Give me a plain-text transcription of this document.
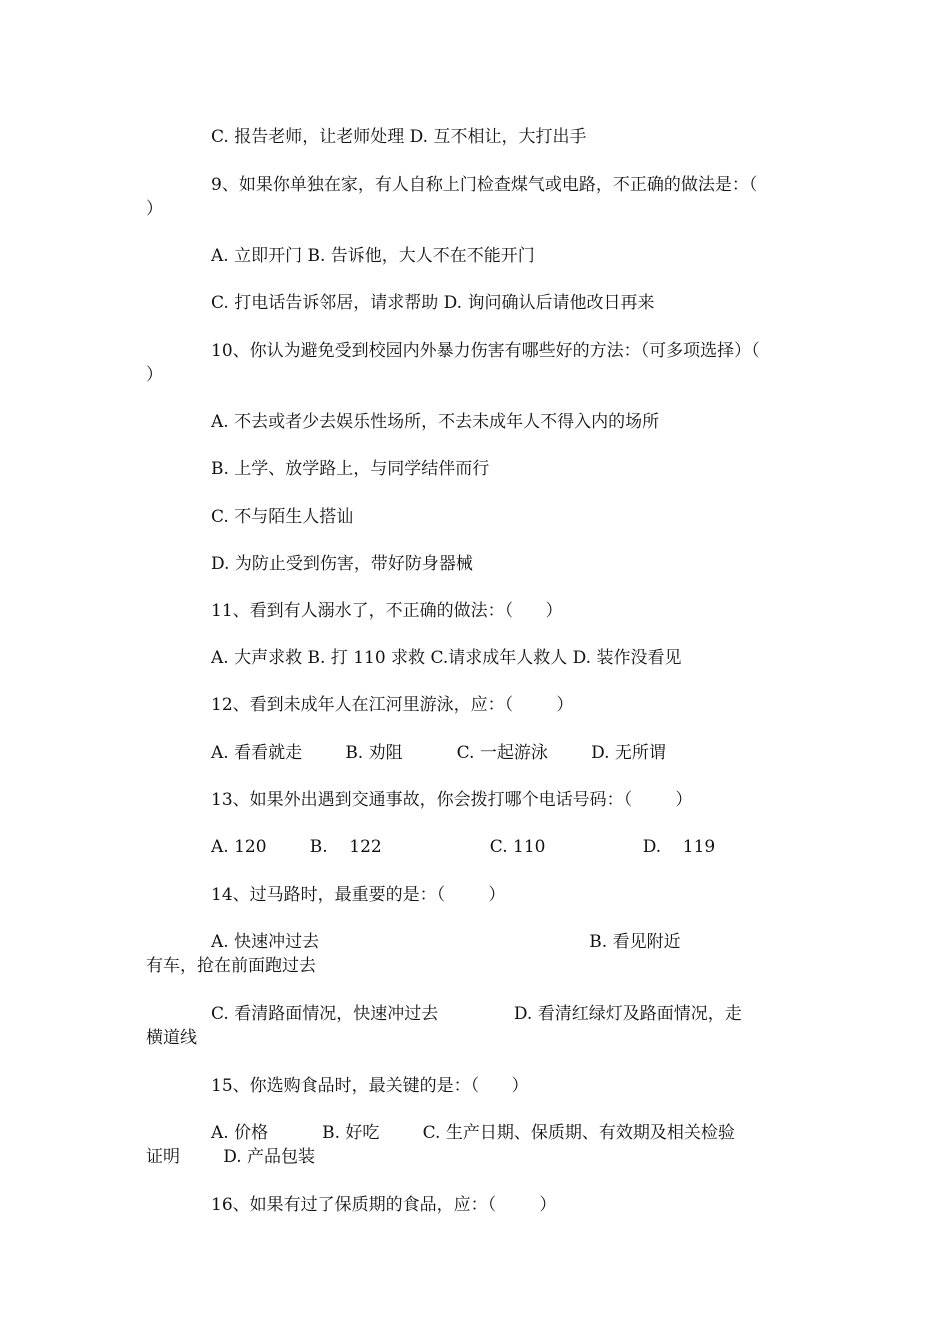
C. 报告老师，让老师处理 D. 互不相让，大打出手

9、如果你单独在家，有人自称上门检查煤气或电路，不正确的做法是：（

）

A. 立即开门 B. 告诉他，大人不在不能开门

C. 打电话告诉邻居，请求帮助 D. 询问确认后请他改日再来

10、你认为避免受到校园内外暴力伤害有哪些好的方法：（可多项选择）（

）

A. 不去或者少去娱乐性场所，不去未成年人不得入内的场所

B. 上学、放学路上，与同学结伴而行

C. 不与陌生人搭讪

D. 为防止受到伤害，带好防身器械

11、看到有人溺水了，不正确的做法：（      ）

A. 大声求救 B. 打 110 求救 C.请求成年人救人 D. 装作没看见

12、看到未成年人在江河里游泳，应：（        ）

A. 看看就走        B. 劝阻          C. 一起游泳        D. 无所谓

13、如果外出遇到交通事故，你会拨打哪个电话号码：（        ）

A. 120        B.    122                    C. 110                  D.    119

14、过马路时，最重要的是：（        ）

A. 快速冲过去                                                  B. 看见附近

有车，抢在前面跑过去

C. 看清路面情况，快速冲过去              D. 看清红绿灯及路面情况，走

横道线

15、你选购食品时，最关键的是：（      ）

A. 价格          B. 好吃        C. 生产日期、保质期、有效期及相关检验

证明        D. 产品包装

16、如果有过了保质期的食品，应：（        ）
